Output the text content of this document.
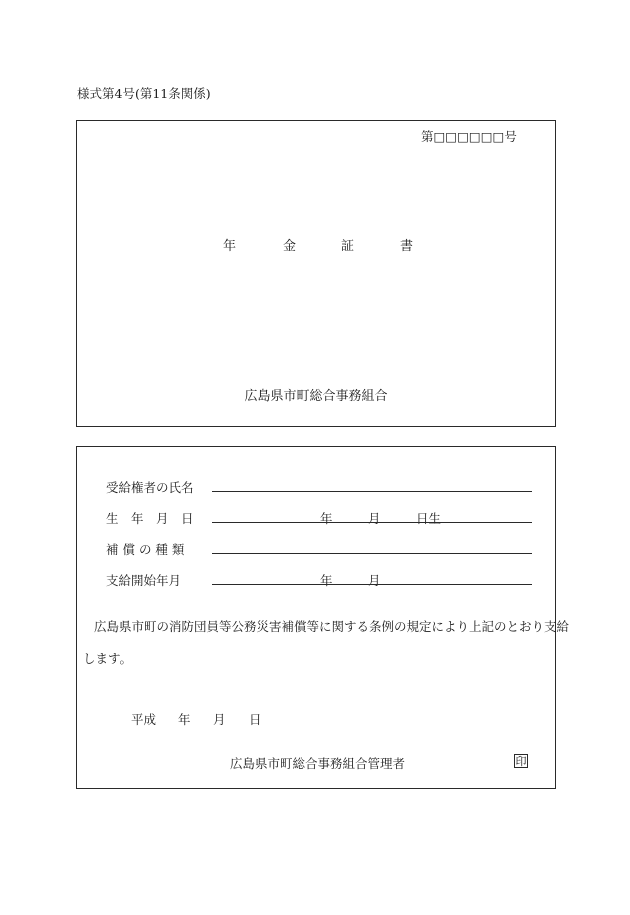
様式第4号(第11条関係)
第□□□□□□号
年	金	証	書
広島県市町総合事務組合
受給権者の氏名
生　年　月　日	年	月	日生
補 償 の 種 類
支給開始年月	年	月
広島県市町の消防団員等公務災害補償等に関する条例の規定により上記のとおり支給
します。
平成 年 月 日
広島県市町総合事務組合管理者	印
